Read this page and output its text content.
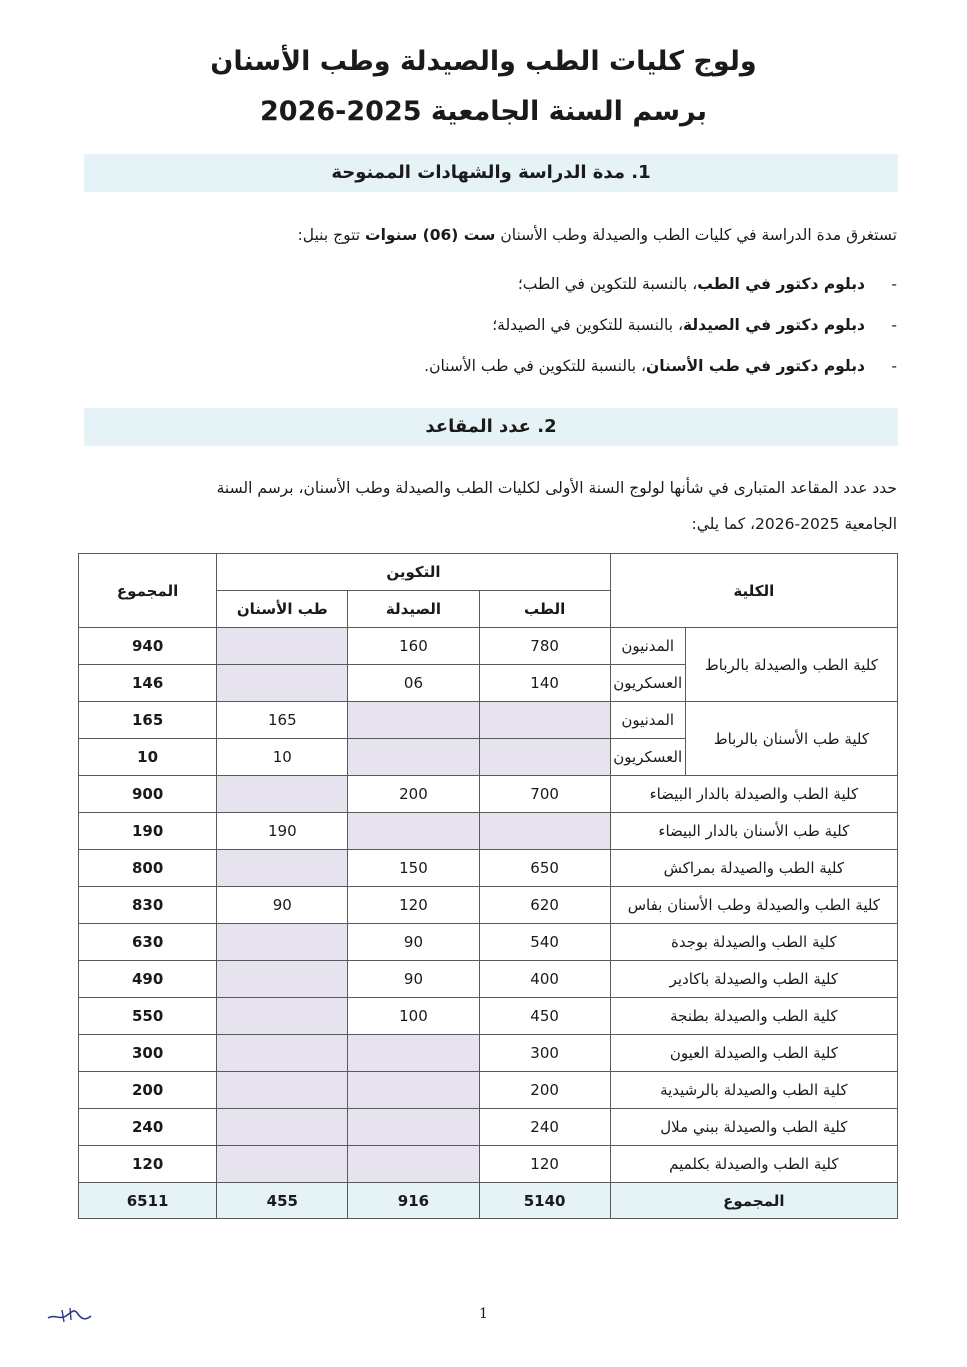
ولوج كليات الطب والصيدلة وطب الأسنان
برسم السنة الجامعية 2025-2026
1. مدة الدراسة والشهادات الممنوحة
تستغرق مدة الدراسة في كليات الطب والصيدلة وطب الأسنان ست (06) سنوات تتوج بنيل:
- دبلوم دكتور في الطب، بالنسبة للتكوين في الطب؛
- دبلوم دكتور في الصيدلة، بالنسبة للتكوين في الصيدلة؛
- دبلوم دكتور في طب الأسنان، بالنسبة للتكوين في طب الأسنان.
2. عدد المقاعد
حدد عدد المقاعد المتبارى في شأنها لولوج السنة الأولى لكليات الطب والصيدلة وطب الأسنان، برسم السنة
الجامعية 2025-2026، كما يلي:
الكلية		التكوين			المجموع
		الطب	الصيدلة	طب الأسنان	
كلية الطب والصيدلة بالرباط	المدنيون	780	160		940
	العسكريون	140	06		146
كلية طب الأسنان بالرباط	المدنيون			165	165
	العسكريون			10	10
كلية الطب والصيدلة بالدار البيضاء		700	200		900
كلية طب الأسنان بالدار البيضاء				190	190
كلية الطب والصيدلة بمراكش		650	150		800
كلية الطب والصيدلة وطب الأسنان بفاس		620	120	90	830
كلية الطب والصيدلة بوجدة		540	90		630
كلية الطب والصيدلة باكادير		400	90		490
كلية الطب والصيدلة بطنجة		450	100		550
كلية الطب والصيدلة العيون		300			300
كلية الطب والصيدلة بالرشيدية		200			200
كلية الطب والصيدلة ببني ملال		240			240
كلية الطب والصيدلة بكلميم		120			120
المجموع		5140	916	455	6511
1
